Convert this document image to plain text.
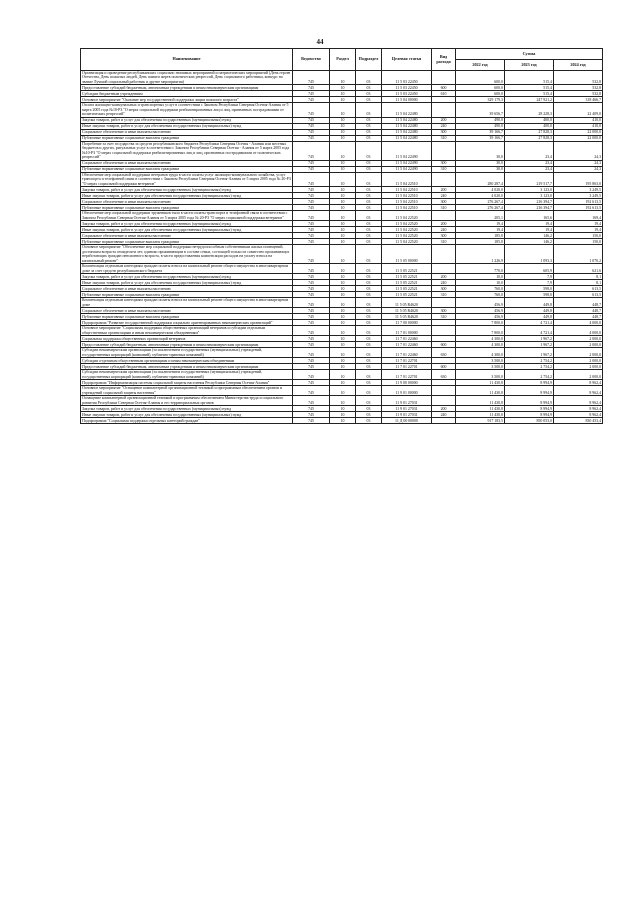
44
Наименование	Ведомство	Раздел	Подраздел	Целевая статья	Вид расхода	Сумма		
						2022 год	2023 год	2024 год
Организация и проведение республиканских социально значимых мероприятий и патриотических мероприятий (День героев Отечества, День пожилых людей, День памяти жертв политических репрессий, День социального работника, конкурс на звание Лучший социальный работник и другие мероприятия)	745	10	03	11 5 03 22450		600,0	515,4	532,8
Предоставление субсидий бюджетным, автономным учреждениям и иным некоммерческим организациям	745	10	03	11 5 03 22450	600	600,0	515,4	532,8
Субсидии бюджетным учреждениям	745	10	03	11 5 03 22450	610	600,0	515,4	532,8
Основное мероприятие "Оказание мер государственной поддержки лицам пожилого возраста"	745	10	03	11 5 04 00000		329 179,3	247 921,2	318 466,7
Оплата жилищно-коммунальных и транспортных услуг в соответствии с Законом Республики Северная Осетия-Алания от 5 марта 2005 года №10-РЗ "О мерах социальной поддержки реабилитированных лиц и лиц, признанных пострадавшими от политических репрессий"	745	10	03	11 5 04 22480		39 656,7	28 228,3	22 409,0
Закупка товаров, работ и услуг для обеспечения государственных (муниципальных) нужд	745	10	03	11 5 04 22480	200	490,0	400,0	410,0
Иные закупки товаров, работ и услуг для обеспечения государственных (муниципальных) нужд	745	10	03	11 5 04 22480	240	490,0	400,0	410,0
Социальное обеспечение и иные выплаты населению	745	10	03	11 5 04 22480	300	39 166,7	27 828,3	22 000,0
Публичные нормативные социальные выплаты гражданам	745	10	03	11 5 04 22480	310	39 166,7	27 828,3	22 000,0
Погребение за счет государства за средств республиканского бюджета Республики Северная Осетия - Алания или местных бюджетов и других, ритуальных услуг в соответствии с Законом Республики Северная Осетия - Алания от 5 марта 2005 года №10-РЗ "О мерах социальной поддержки реабилитированных лиц и лиц, признанных пострадавшими от политических репрессий"	745	10	03	11 5 04 22490		30,0	23,4	24,3
Социальное обеспечение и иные выплаты населению	745	10	03	11 5 04 22490	300	30,0	23,4	24,3
Публичные нормативные социальные выплаты гражданам	745	10	03	11 5 04 22490	310	30,0	23,4	24,3
Обеспечение мер социальной поддержки ветеранов труда в части оплаты услуг жилищно-коммунального хозяйства, услуг транспорта и телефонной связи в соответствии с Законом Республики Северная Осетия-Алания от 5 марта 2005 года № 20-РЗ "О мерах социальной поддержки ветеранов"	745	10	03	11 5 04 22510		280 287,4	219 517,7	195 863,0
Закупка товаров, работ и услуг для обеспечения государственных (муниципальных) нужд	745	10	03	11 5 04 22510	200	4 020,0	3 123,0	3 249,5
Иные закупки товаров, работ и услуг для обеспечения государственных (муниципальных) нужд	745	10	03	11 5 04 22510	240	4 020,0	3 123,0	3 249,5
Социальное обеспечение и иные выплаты населению	745	10	03	11 5 04 22510	300	276 267,4	216 394,7	192 613,5
Публичные нормативные социальные выплаты гражданам	745	10	03	11 5 04 22510	310	276 267,4	216 394,7	192 613,5
Обеспечение мер социальной поддержки тружеников тыла в части оплаты транспорта и телефонной связи в соответствии с Законом Республики Северная Осетия-Алания от 5 марта 2005 года № 20-РЗ "О мерах социальной поддержки ветеранов"	745	10	03	11 5 04 22520		205,1	165,6	169,4
Закупка товаров, работ и услуг для обеспечения государственных (муниципальных) нужд	745	10	03	11 5 04 22520	200	19,4	19,4	19,4
Иные закупки товаров, работ и услуг для обеспечения государственных (муниципальных) нужд	745	10	03	11 5 04 22520	240	19,4	19,4	19,4
Социальное обеспечение и иные выплаты населению	745	10	03	11 5 04 22520	300	185,8	146,2	150,0
Публичные нормативные социальные выплаты гражданам	745	10	03	11 5 04 22520	310	185,8	146,2	150,0
Основное мероприятие "Обеспечение мер социальной поддержки нетрудоспособным собственникам жилых помещений, достигшим возраста семидесяти лет, одиноко проживающим в составе семьи, состоящей только из совместно проживающих неработающих граждан пенсионного возраста, в части предоставления компенсации расходов на уплату взноса на капитальный ремонт"	745	10	03	11 5 05 00000		1 226,9	1 093,3	1 070,2
Компенсация отдельным категориям граждан оплаты взноса на капитальный ремонт общего имущества в многоквартирном доме за счет средств республиканского бюджета	745	10	03	11 5 05 22521		770,0	605,9	621,6
Закупка товаров, работ и услуг для обеспечения государственных (муниципальных) нужд	745	10	03	11 5 05 22521	200	10,0	7,9	8,1
Иные закупки товаров, работ и услуг для обеспечения государственных (муниципальных) нужд	745	10	03	11 5 05 22521	240	10,0	7,9	8,1
Социальное обеспечение и иные выплаты населению	745	10	03	11 5 05 22521	300	760,0	598,0	613,5
Публичные нормативные социальные выплаты гражданам	745	10	03	11 5 05 22521	310	760,0	598,0	613,5
Компенсация отдельным категориям граждан оплаты взноса на капитальный ремонт общего имущества в многоквартирном доме	745	10	03	11 5 05 R4620		456,9	449,8	448,7
Социальное обеспечение и иные выплаты населению	745	10	03	11 5 05 R4620	300	456,9	449,8	448,7
Публичные нормативные социальные выплаты гражданам	745	10	03	11 5 05 R4620	310	456,9	449,8	448,7
Подпрограмма "Развитие государственной поддержки социально ориентированных некоммерческих организаций"	745	10	03	11 7 00 00000		7 800,0	4 721,4	4 000,0
Основное мероприятие "Социальная поддержка общественных организаций ветеранов и субсидии отдельным общественным организациям и иным некоммерческим объединениям"	745	10	03	11 7 01 00000		7 800,0	4 721,4	4 000,0
Социальная поддержка общественных организаций ветеранов	745	10	03	11 7 01 22460		4 300,0	1 967,2	2 000,0
Предоставление субсидий бюджетным, автономным учреждениям и иным некоммерческим организациям	745	10	03	11 7 01 22460	600	4 300,0	1 967,2	2 000,0
Субсидии некоммерческим организациям (за исключением государственных (муниципальных) учреждений, государственных корпораций (компаний), публично-правовых компаний)	745	10	03	11 7 01 22460	630	4 300,0	1 967,2	2 000,0
Субсидии отдельным общественным организациям и иным некоммерческим объединениям	745	10	03	11 7 01 22701		3 500,0	2 754,2	2 000,0
Предоставление субсидий бюджетным, автономным учреждениям и иным некоммерческим организациям	745	10	03	11 7 01 22701	600	3 500,0	2 754,2	2 000,0
Субсидии некоммерческим организациям (за исключением государственных (муниципальных) учреждений, государственных корпораций (компаний), публично-правовых компаний)	745	10	03	11 7 01 22701	630	3 500,0	2 754,2	2 000,0
Подпрограмма "Информатизация системы социальной защиты населения Республики Северная Осетия-Алания"	745	10	03	11 9 00 00000		11 430,8	8 994,9	8 962,4
Основное мероприятие "Оснащение компьютерной организационной техникой и программным обеспечением органов и учреждений социальной защиты населения"	745	10	03	11 9 01 00000		11 430,8	8 994,9	8 962,4
Оснащение компьютерной организационной техникой и программным обеспечением Министерства труда и социального развития Республики Северная Осетия-Алания и его территориальных органов	745	10	03	11 9 01 27031		11 430,8	8 994,9	8 962,4
Закупка товаров, работ и услуг для обеспечения государственных (муниципальных) нужд	745	10	03	11 9 01 27031	200	11 430,8	8 994,9	8 962,4
Иные закупки товаров, работ и услуг для обеспечения государственных (муниципальных) нужд	745	10	03	11 9 01 27031	240	11 430,8	8 994,9	8 962,4
Подпрограмма "Социальная поддержка отдельных категорий граждан"	745	10	03	11 Д 00 00000		917 183,5	850 053,0	830 453,4
